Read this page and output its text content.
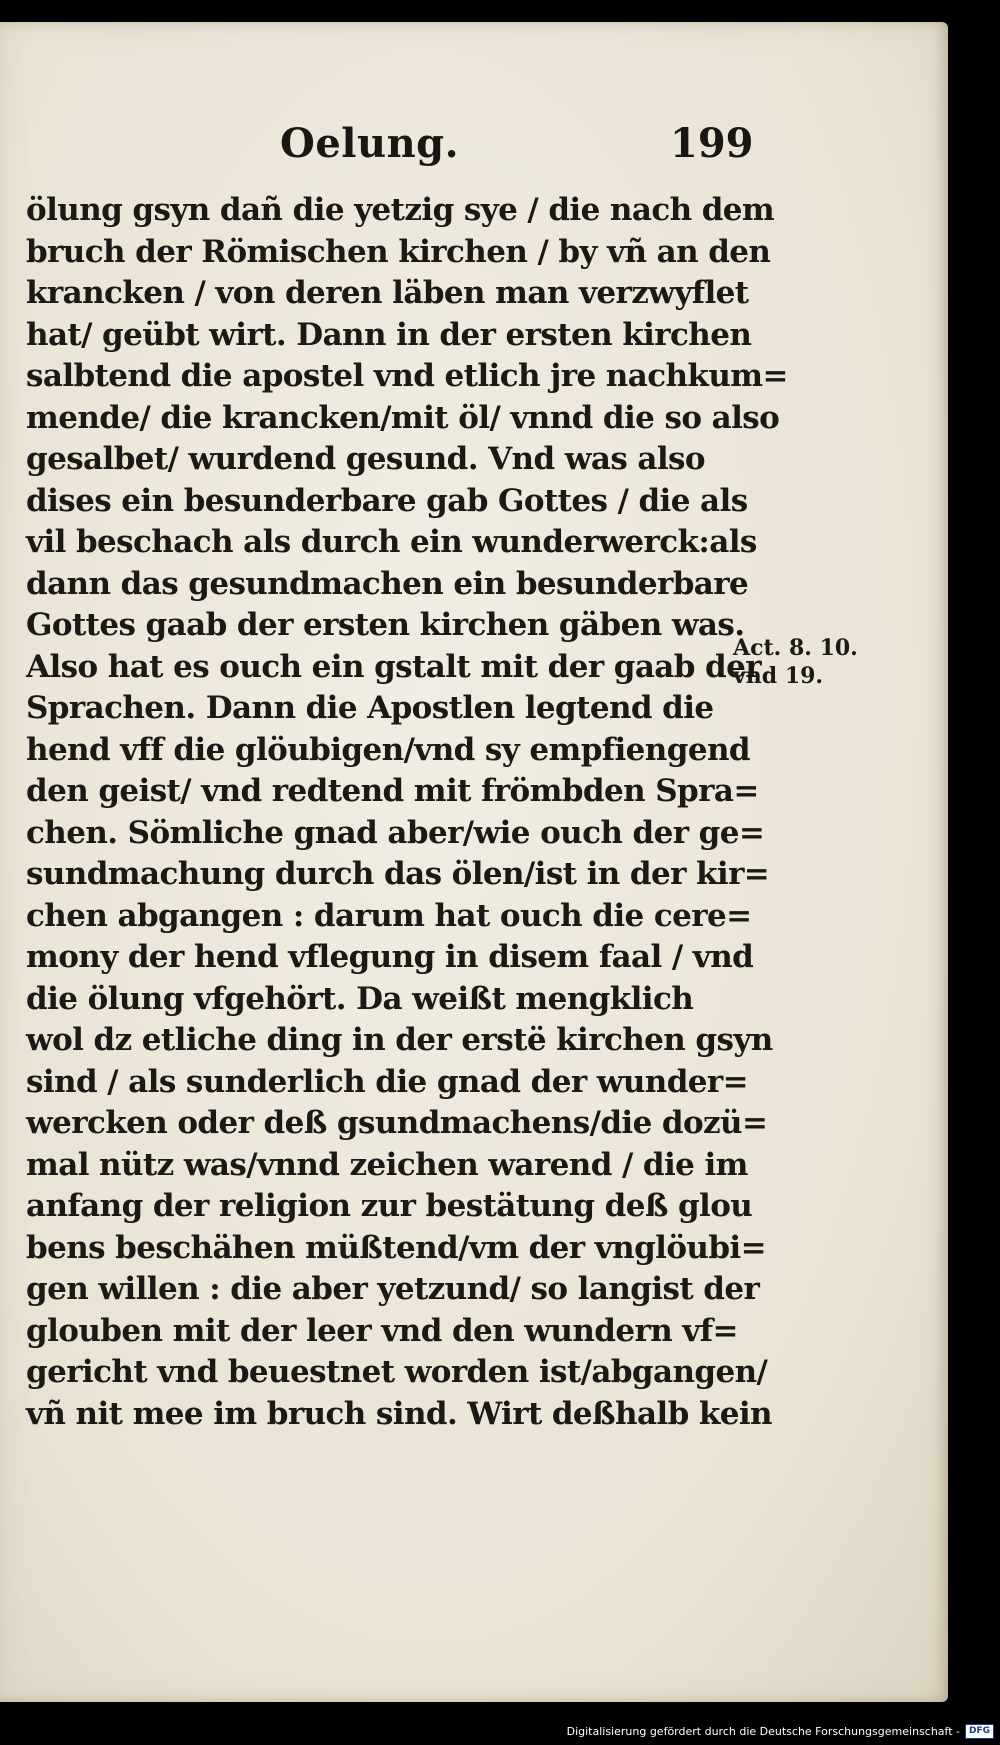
Oelung.	199
ölung gsyn dañ die yetzig sye / die nach dem
bruch der Römischen kirchen / by vñ an den
krancken / von deren läben man verzwyflet
hat/ geübt wirt. Dann in der ersten kirchen
salbtend die apostel vnd etlich jre nachkum=
mende/ die krancken/mit öl/ vnnd die so also
gesalbet/ wurdend gesund. Vnd was also
dises ein besunderbare gab Gottes / die als
vil beschach als durch ein wunderwerck:als
dann das gesundmachen ein besunderbare
Gottes gaab der ersten kirchen gäben was.
Also hat es ouch ein gstalt mit der gaab der
Sprachen. Dann die Apostlen legtend die
hend vff die glöubigen/vnd sy empfiengend
den geist/ vnd redtend mit frömbden Spra=
chen. Sömliche gnad aber/wie ouch der ge=
sundmachung durch das ölen/ist in der kir=
chen abgangen : darum hat ouch die cere=
mony der hend vflegung in disem faal / vnd
die ölung vfgehört. Da weißt mengklich
wol dz etliche ding in der erstë kirchen gsyn
sind / als sunderlich die gnad der wunder=
wercken oder deß gsundmachens/die dozü=
mal nütz was/vnnd zeichen warend / die im
anfang der religion zur bestätung deß glou
bens beschähen müßtend/vm der vnglöubi=
gen willen : die aber yetzund/ so langist der
glouben mit der leer vnd den wundern vf=
gericht vnd beuestnet worden ist/abgangen/
vñ nit mee im bruch sind. Wirt deßhalb kein
Act. 8. 10.
vnd 19.
Digitalisierung gefördert durch die Deutsche Forschungsgemeinschaft -	DFG
